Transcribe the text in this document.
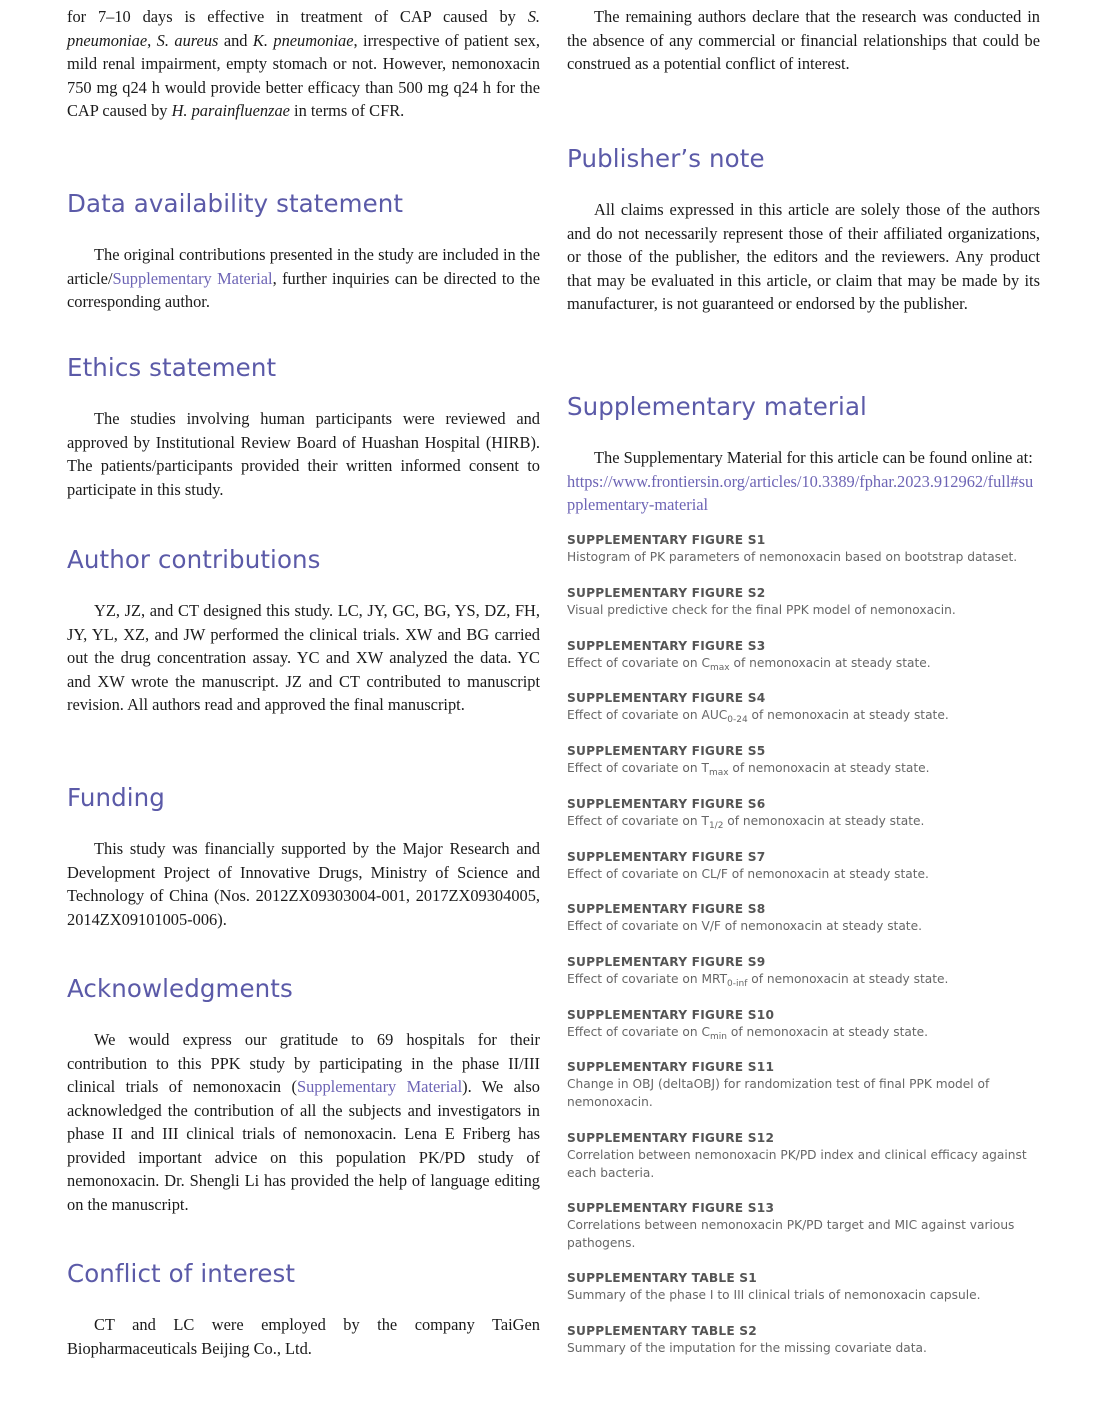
for 7–10 days is effective in treatment of CAP caused by S. pneumoniae, S. aureus and K. pneumoniae, irrespective of patient sex, mild renal impairment, empty stomach or not. However, nemonoxacin 750 mg q24 h would provide better efficacy than 500 mg q24 h for the CAP caused by H. parainfluenzae in terms of CFR.

Data availability statement

The original contributions presented in the study are included in the article/Supplementary Material, further inquiries can be directed to the corresponding author.

Ethics statement

The studies involving human participants were reviewed and approved by Institutional Review Board of Huashan Hospital (HIRB). The patients/participants provided their written informed consent to participate in this study.

Author contributions

YZ, JZ, and CT designed this study. LC, JY, GC, BG, YS, DZ, FH, JY, YL, XZ, and JW performed the clinical trials. XW and BG carried out the drug concentration assay. YC and XW analyzed the data. YC and XW wrote the manuscript. JZ and CT contributed to manuscript revision. All authors read and approved the final manuscript.

Funding

This study was financially supported by the Major Research and Development Project of Innovative Drugs, Ministry of Science and Technology of China (Nos. 2012ZX09303004-001, 2017ZX09304005, 2014ZX09101005-006).

Acknowledgments

We would express our gratitude to 69 hospitals for their contribution to this PPK study by participating in the phase II/III clinical trials of nemonoxacin (Supplementary Material). We also acknowledged the contribution of all the subjects and investigators in phase II and III clinical trials of nemonoxacin. Lena E Friberg has provided important advice on this population PK/PD study of nemonoxacin. Dr. Shengli Li has provided the help of language editing on the manuscript.

Conflict of interest

CT and LC were employed by the company TaiGen Biopharmaceuticals Beijing Co., Ltd.

The remaining authors declare that the research was conducted in the absence of any commercial or financial relationships that could be construed as a potential conflict of interest.

Publisher’s note

All claims expressed in this article are solely those of the authors and do not necessarily represent those of their affiliated organizations, or those of the publisher, the editors and the reviewers. Any product that may be evaluated in this article, or claim that may be made by its manufacturer, is not guaranteed or endorsed by the publisher.

Supplementary material

The Supplementary Material for this article can be found online at: https://www.frontiersin.org/articles/10.3389/fphar.2023.912962/full#supplementary-material

SUPPLEMENTARY FIGURE S1
Histogram of PK parameters of nemonoxacin based on bootstrap dataset.
SUPPLEMENTARY FIGURE S2
Visual predictive check for the final PPK model of nemonoxacin.
SUPPLEMENTARY FIGURE S3
Effect of covariate on $C_{max}$ of nemonoxacin at steady state.
SUPPLEMENTARY FIGURE S4
Effect of covariate on $AUC_{0-24}$ of nemonoxacin at steady state.
SUPPLEMENTARY FIGURE S5
Effect of covariate on $T_{max}$ of nemonoxacin at steady state.
SUPPLEMENTARY FIGURE S6
Effect of covariate on $T_{1/2}$ of nemonoxacin at steady state.
SUPPLEMENTARY FIGURE S7
Effect of covariate on CL/F of nemonoxacin at steady state.
SUPPLEMENTARY FIGURE S8
Effect of covariate on V/F of nemonoxacin at steady state.
SUPPLEMENTARY FIGURE S9
Effect of covariate on $MRT_{0-inf}$ of nemonoxacin at steady state.
SUPPLEMENTARY FIGURE S10
Effect of covariate on $C_{min}$ of nemonoxacin at steady state.
SUPPLEMENTARY FIGURE S11
Change in OBJ (deltaOBJ) for randomization test of final PPK model of nemonoxacin.
SUPPLEMENTARY FIGURE S12
Correlation between nemonoxacin PK/PD index and clinical efficacy against each bacteria.
SUPPLEMENTARY FIGURE S13
Correlations between nemonoxacin PK/PD target and MIC against various pathogens.
SUPPLEMENTARY TABLE S1
Summary of the phase I to III clinical trials of nemonoxacin capsule.
SUPPLEMENTARY TABLE S2
Summary of the imputation for the missing covariate data.
